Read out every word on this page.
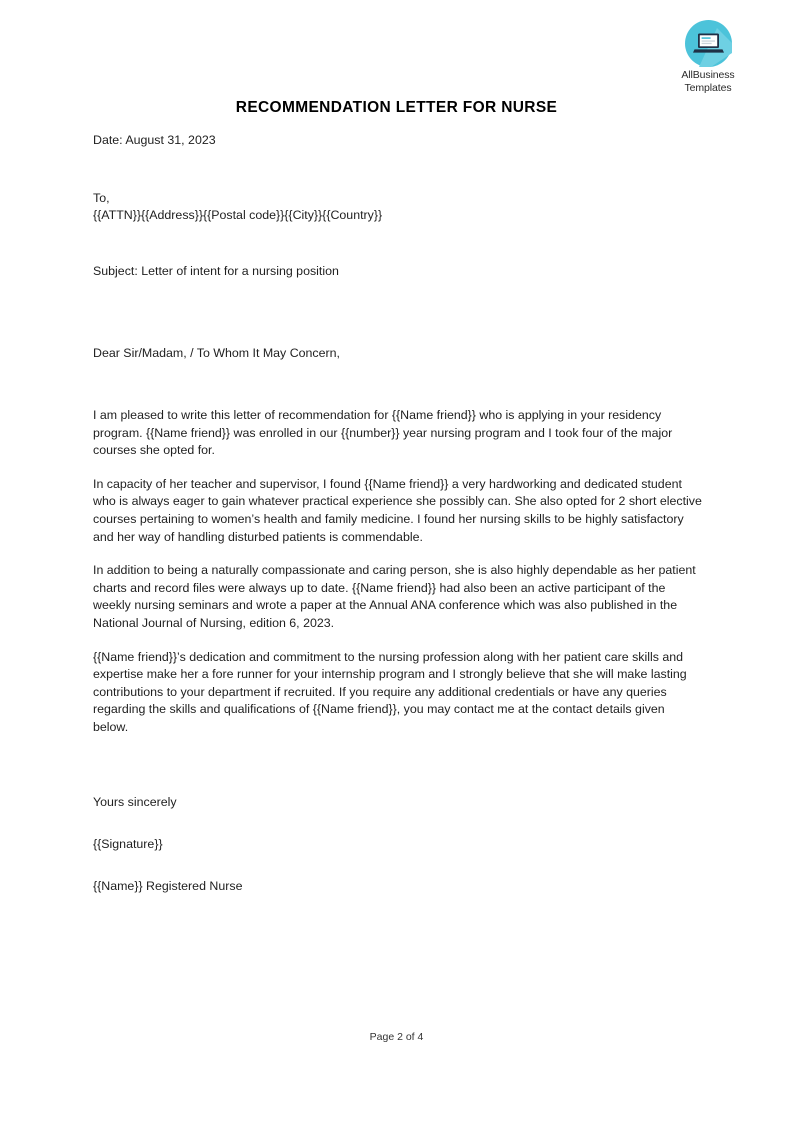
AllBusiness
Templates
RECOMMENDATION LETTER FOR NURSE
Date: August 31, 2023
To,
{{ATTN}}{{Address}}{{Postal code}}{{City}}{{Country}}
Subject: Letter of intent for a nursing position
Dear Sir/Madam, / To Whom It May Concern,

I am pleased to write this letter of recommendation for {{Name friend}} who is applying in your residency program. {{Name friend}} was enrolled in our {{number}} year nursing program and I took four of the major courses she opted for.

In capacity of her teacher and supervisor, I found {{Name friend}} a very hardworking and dedicated student who is always eager to gain whatever practical experience she possibly can. She also opted for 2 short elective courses pertaining to women’s health and family medicine. I found her nursing skills to be highly satisfactory and her way of handling disturbed patients is commendable.

In addition to being a naturally compassionate and caring person, she is also highly dependable as her patient charts and record files were always up to date. {{Name friend}} had also been an active participant of the weekly nursing seminars and wrote a paper at the Annual ANA conference which was also published in the National Journal of Nursing, edition 6, 2023.

{{Name friend}}’s dedication and commitment to the nursing profession along with her patient care skills and expertise make her a fore runner for your internship program and I strongly believe that she will make lasting contributions to your department if recruited. If you require any additional credentials or have any queries regarding the skills and qualifications of {{Name friend}}, you may contact me at the contact details given below.

Yours sincerely
{{Signature}}
{{Name}} Registered Nurse
Page 2 of 4
